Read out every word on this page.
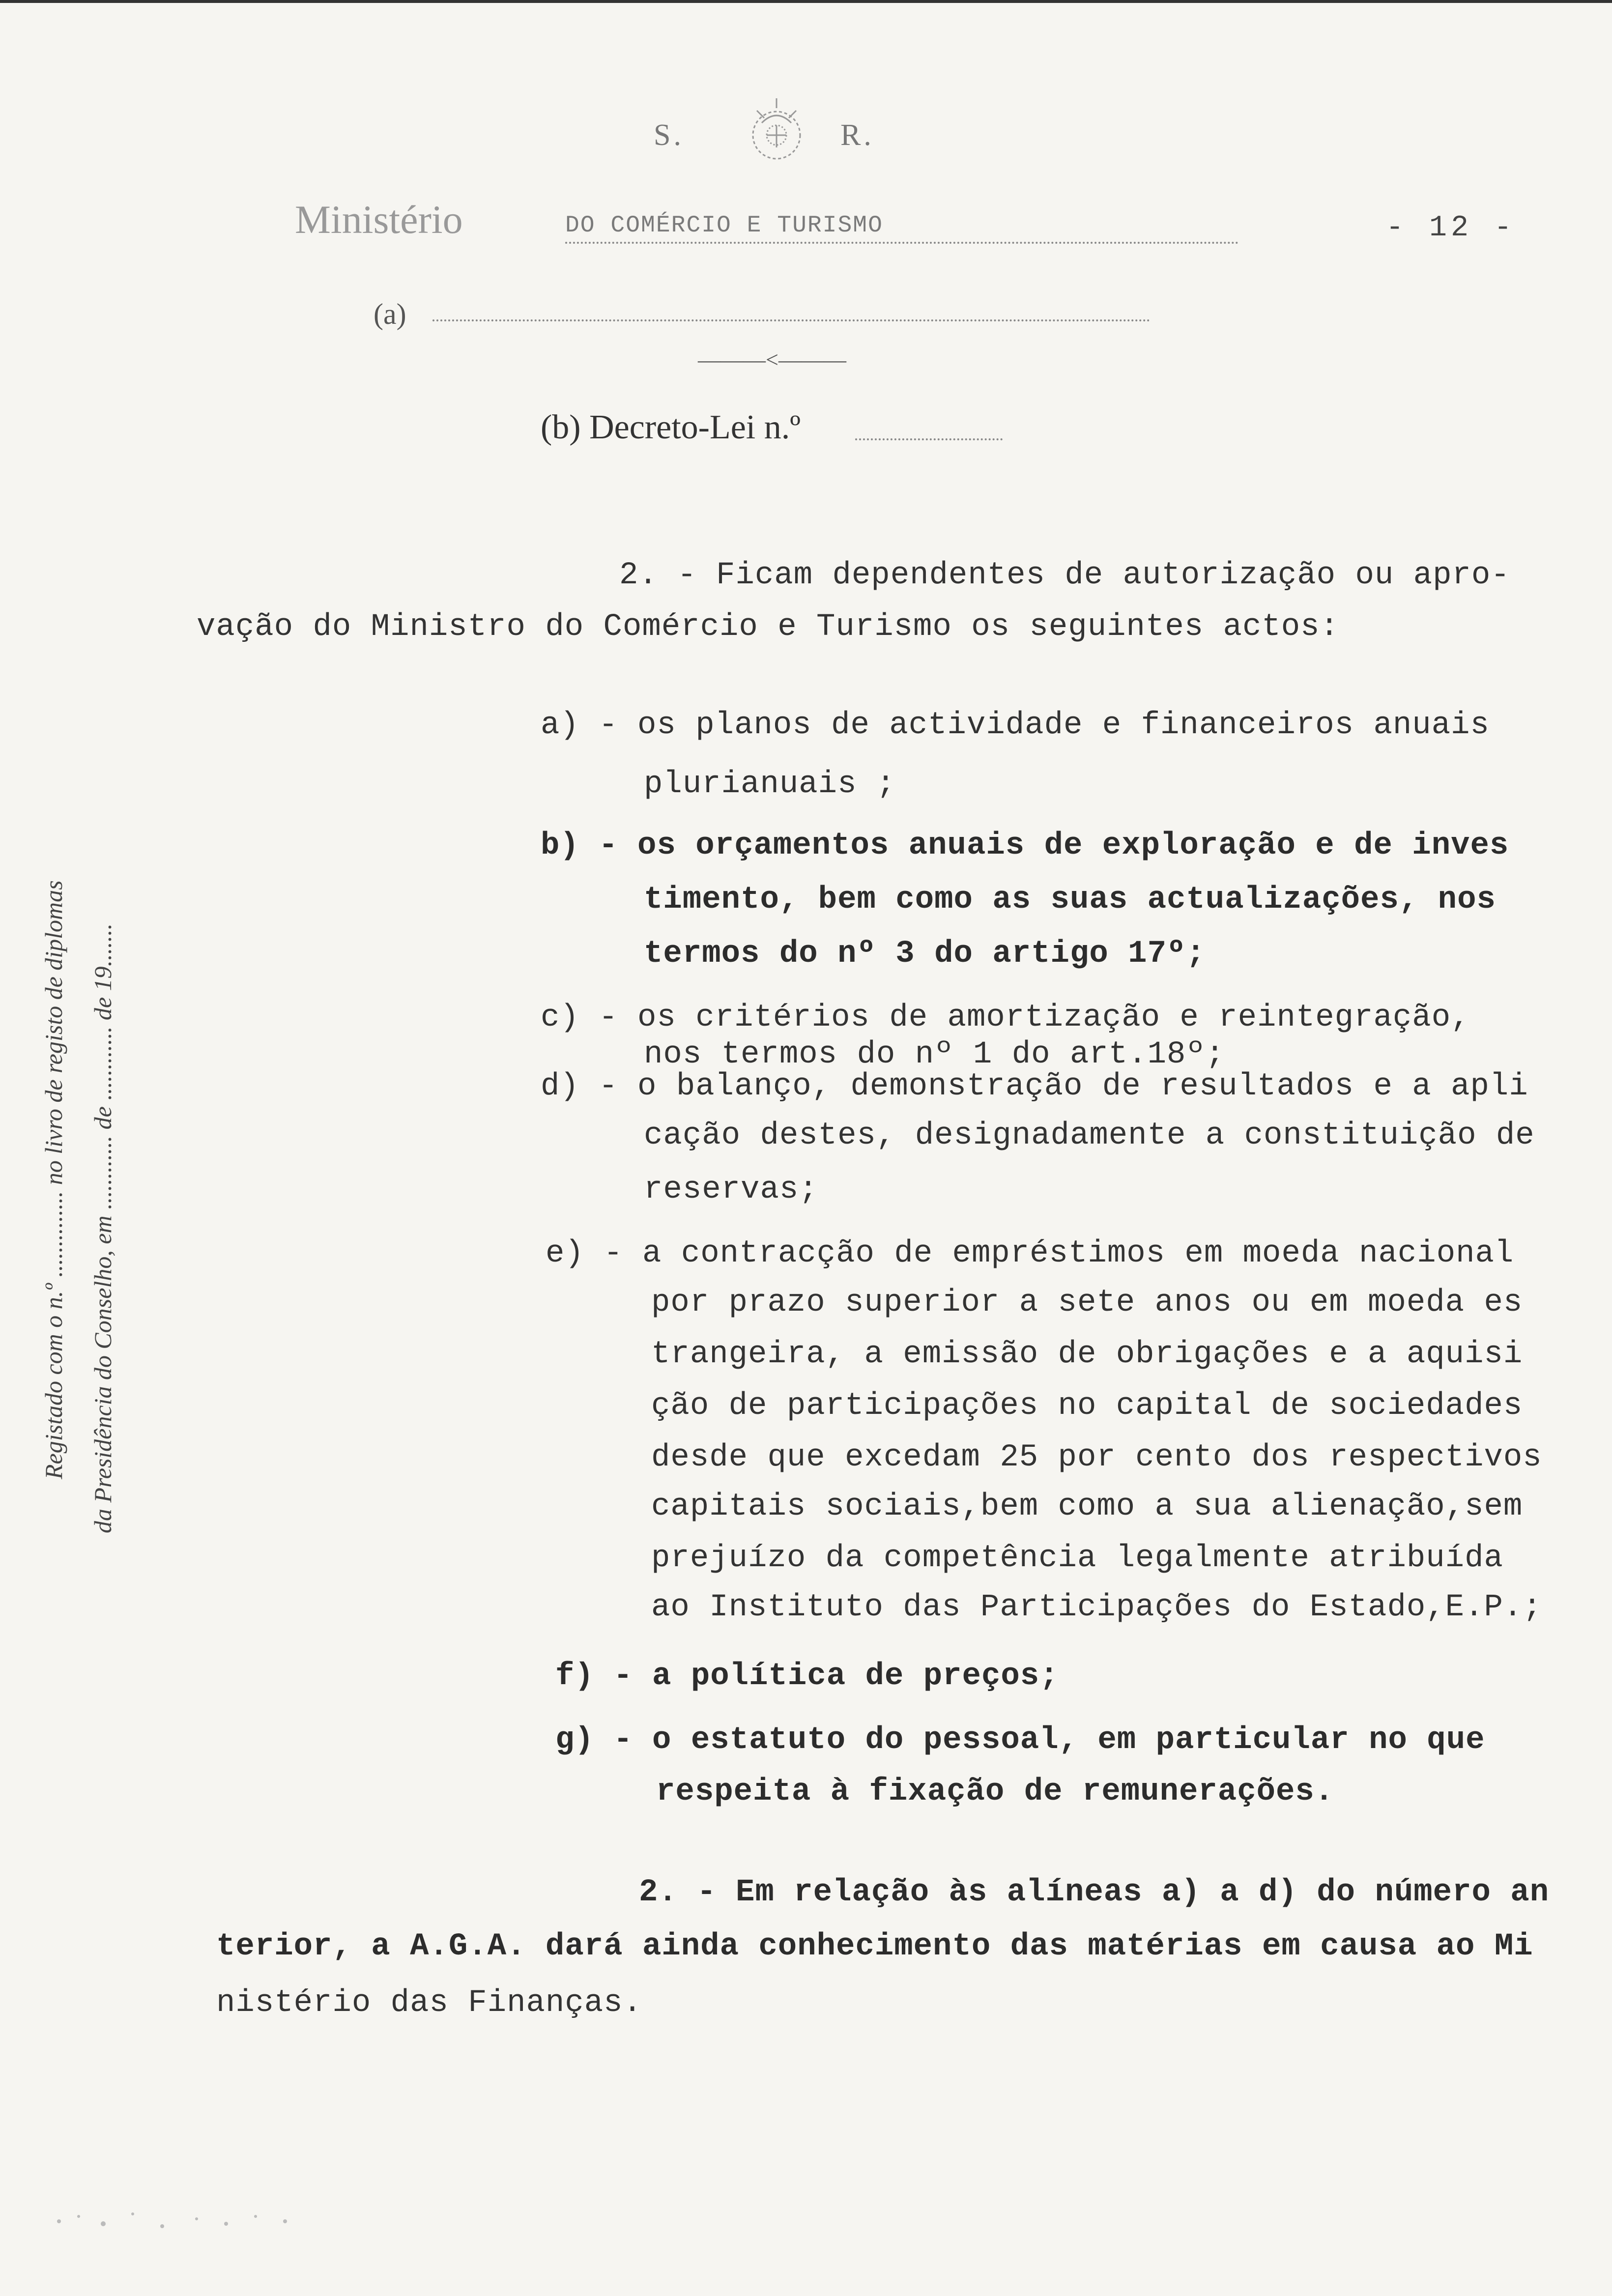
S.	R.
Ministério	DO COMÉRCIO E TURISMO	- 12 -
(a)
———<———
(b) Decreto-Lei n.º
Registado com o n.º .............. no livro de registo de diplomas da Presidência do Conselho, em ............ de ............ de 19.......
2. - Ficam dependentes de autorização ou apro-
vação do Ministro do Comércio e Turismo os seguintes actos:
a) - os planos de actividade e financeiros anuais
plurianuais ;
b) - os orçamentos anuais de exploração e de inves
timento, bem como as suas actualizações, nos
termos do nº 3 do artigo 17º;
c) - os critérios de amortização e reintegração,
nos termos do nº 1 do art.18º;
d) - o balanço, demonstração de resultados e a apli
cação destes, designadamente a constituição de
reservas;
e) - a contracção de empréstimos em moeda nacional
por prazo superior a sete anos ou em moeda es
trangeira, a emissão de obrigações e a aquisi
ção de participações no capital de sociedades
desde que excedam 25 por cento dos respectivos
capitais sociais,bem como a sua alienação,sem
prejuízo da competência legalmente atribuída
ao Instituto das Participações do Estado,E.P.;
f) - a política de preços;
g) - o estatuto do pessoal, em particular no que
respeita à fixação de remunerações.
2. - Em relação às alíneas a) a d) do número an
terior, a A.G.A. dará ainda conhecimento das matérias em causa ao Mi
nistério das Finanças.
